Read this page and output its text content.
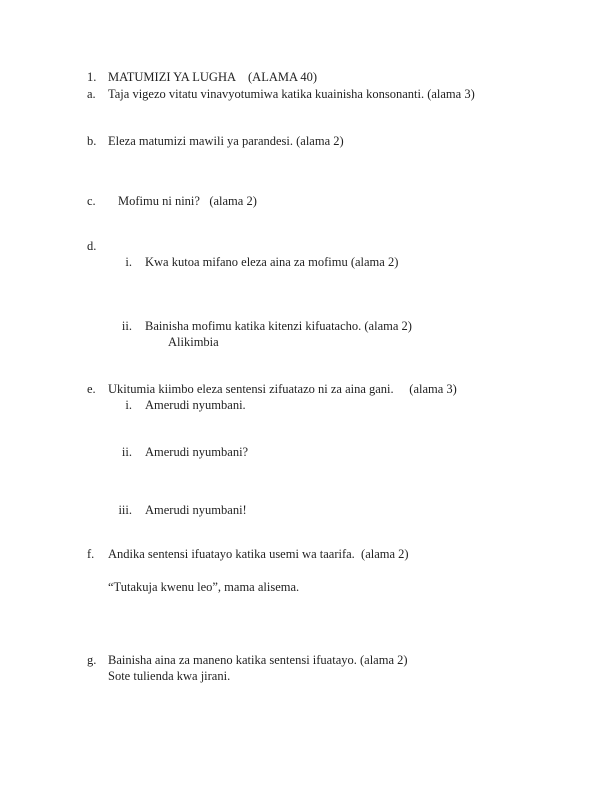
1. MATUMIZI YA LUGHA (ALAMA 40)
a. Taja vigezo vitatu vinavyotumiwa katika kuainisha konsonanti. (alama 3)
b. Eleza matumizi mawili ya parandesi. (alama 2)
c. Mofimu ni nini?   (alama 2)
d.
i. Kwa kutoa mifano eleza aina za mofimu (alama 2)
ii. Bainisha mofimu katika kitenzi kifuatacho. (alama 2)
Alikimbia
e. Ukitumia kiimbo eleza sentensi zifuatazo ni za aina gani.     (alama 3)
i. Amerudi nyumbani.
ii. Amerudi nyumbani?
iii. Amerudi nyumbani!
f. Andika sentensi ifuatayo katika usemi wa taarifa.  (alama 2)
“Tutakuja kwenu leo”, mama alisema.
g. Bainisha aina za maneno katika sentensi ifuatayo. (alama 2)
Sote tulienda kwa jirani.
